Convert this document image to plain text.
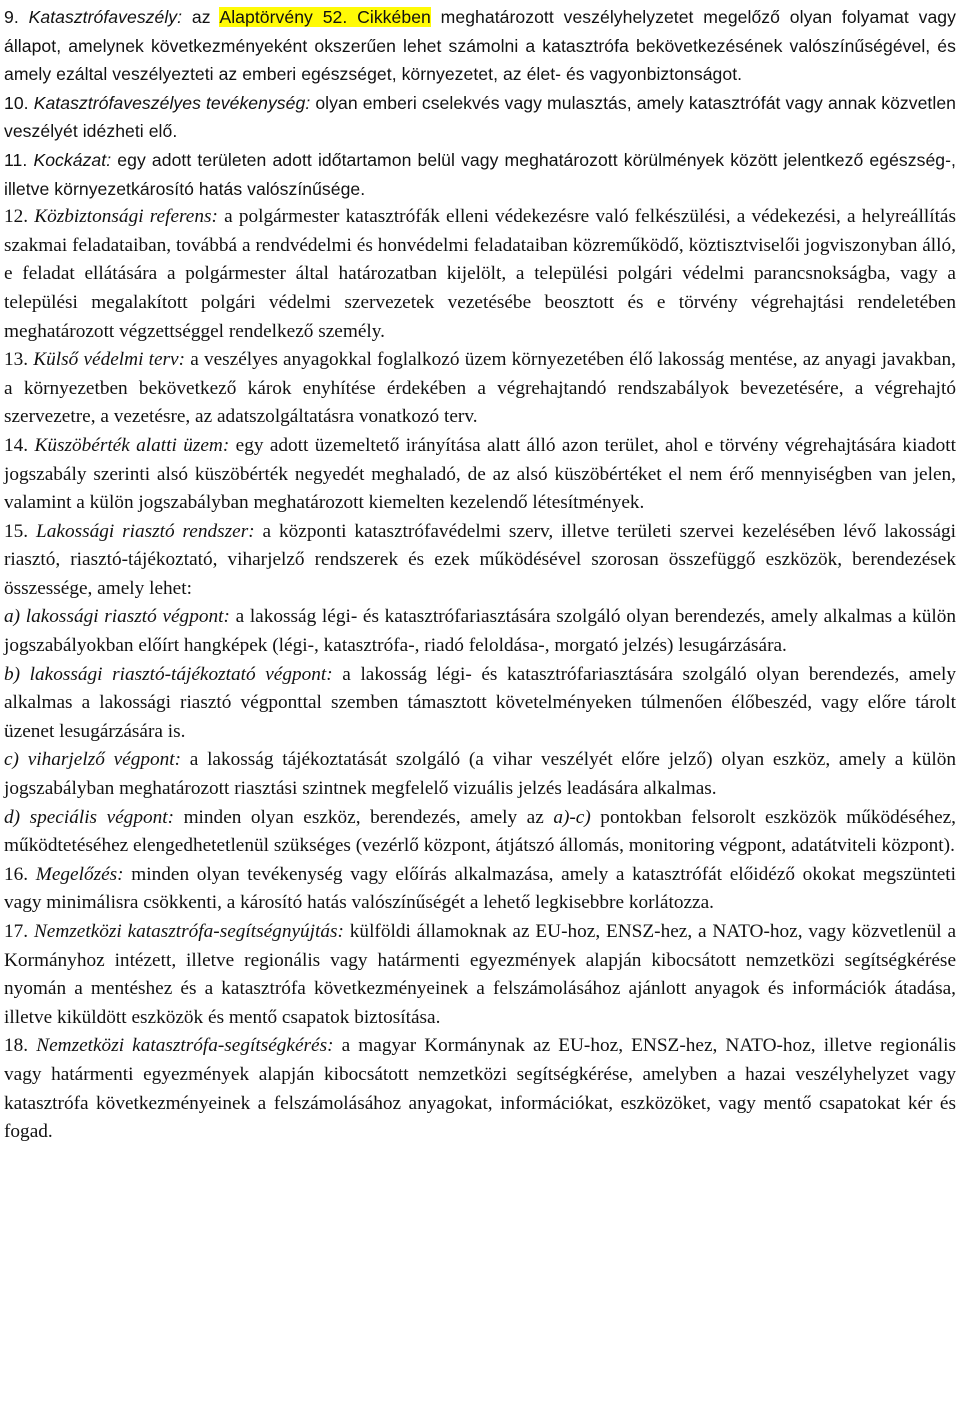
9. Katasztrófaveszély: az Alaptörvény 52. Cikkében meghatározott veszélyhelyzetet megelőző olyan folyamat vagy állapot, amelynek következményeként okszerűen lehet számolni a katasztrófa bekövetkezésének valószínűségével, és amely ezáltal veszélyezteti az emberi egészséget, környezetet, az élet- és vagyonbiztonságot.

10. Katasztrófaveszélyes tevékenység: olyan emberi cselekvés vagy mulasztás, amely katasztrófát vagy annak közvetlen veszélyét idézheti elő.

11. Kockázat: egy adott területen adott időtartamon belül vagy meghatározott körülmények között jelentkező egészség-, illetve környezetkárosító hatás valószínűsége.

12. Közbiztonsági referens: a polgármester katasztrófák elleni védekezésre való felkészülési, a védekezési, a helyreállítás szakmai feladataiban, továbbá a rendvédelmi és honvédelmi feladataiban közreműködő, köztisztviselői jogviszonyban álló, e feladat ellátására a polgármester által határozatban kijelölt, a települési polgári védelmi parancsnokságba, vagy a települési megalakított polgári védelmi szervezetek vezetésébe beosztott és e törvény végrehajtási rendeletében meghatározott végzettséggel rendelkező személy.

13. Külső védelmi terv: a veszélyes anyagokkal foglalkozó üzem környezetében élő lakosság mentése, az anyagi javakban, a környezetben bekövetkező károk enyhítése érdekében a végrehajtandó rendszabályok bevezetésére, a végrehajtó szervezetre, a vezetésre, az adatszolgáltatásra vonatkozó terv.

14. Küszöbérték alatti üzem: egy adott üzemeltető irányítása alatt álló azon terület, ahol e törvény végrehajtására kiadott jogszabály szerinti alsó küszöbérték negyedét meghaladó, de az alsó küszöbértéket el nem érő mennyiségben van jelen, valamint a külön jogszabályban meghatározott kiemelten kezelendő létesítmények.

15. Lakossági riasztó rendszer: a központi katasztrófavédelmi szerv, illetve területi szervei kezelésében lévő lakossági riasztó, riasztó-tájékoztató, viharjelző rendszerek és ezek működésével szorosan összefüggő eszközök, berendezések összessége, amely lehet:

a) lakossági riasztó végpont: a lakosság légi- és katasztrófariasztására szolgáló olyan berendezés, amely alkalmas a külön jogszabályokban előírt hangképek (légi-, katasztrófa-, riadó feloldása-, morgató jelzés) lesugárzására.

b) lakossági riasztó-tájékoztató végpont: a lakosság légi- és katasztrófariasztására szolgáló olyan berendezés, amely alkalmas a lakossági riasztó végponttal szemben támasztott követelményeken túlmenően élőbeszéd, vagy előre tárolt üzenet lesugárzására is.

c) viharjelző végpont: a lakosság tájékoztatását szolgáló (a vihar veszélyét előre jelző) olyan eszköz, amely a külön jogszabályban meghatározott riasztási szintnek megfelelő vizuális jelzés leadására alkalmas.

d) speciális végpont: minden olyan eszköz, berendezés, amely az a)-c) pontokban felsorolt eszközök működéséhez, működtetéséhez elengedhetetlenül szükséges (vezérlő központ, átjátszó állomás, monitoring végpont, adatátviteli központ).

16. Megelőzés: minden olyan tevékenység vagy előírás alkalmazása, amely a katasztrófát előidéző okokat megszünteti vagy minimálisra csökkenti, a károsító hatás valószínűségét a lehető legkisebbre korlátozza.

17. Nemzetközi katasztrófa-segítségnyújtás: külföldi államoknak az EU-hoz, ENSZ-hez, a NATO-hoz, vagy közvetlenül a Kormányhoz intézett, illetve regionális vagy határmenti egyezmények alapján kibocsátott nemzetközi segítségkérése nyomán a mentéshez és a katasztrófa következményeinek a felszámolásához ajánlott anyagok és információk átadása, illetve kiküldött eszközök és mentő csapatok biztosítása.

18. Nemzetközi katasztrófa-segítségkérés: a magyar Kormánynak az EU-hoz, ENSZ-hez, NATO-hoz, illetve regionális vagy határmenti egyezmények alapján kibocsátott nemzetközi segítségkérése, amelyben a hazai veszélyhelyzet vagy katasztrófa következményeinek a felszámolásához anyagokat, információkat, eszközöket, vagy mentő csapatokat kér és fogad.
